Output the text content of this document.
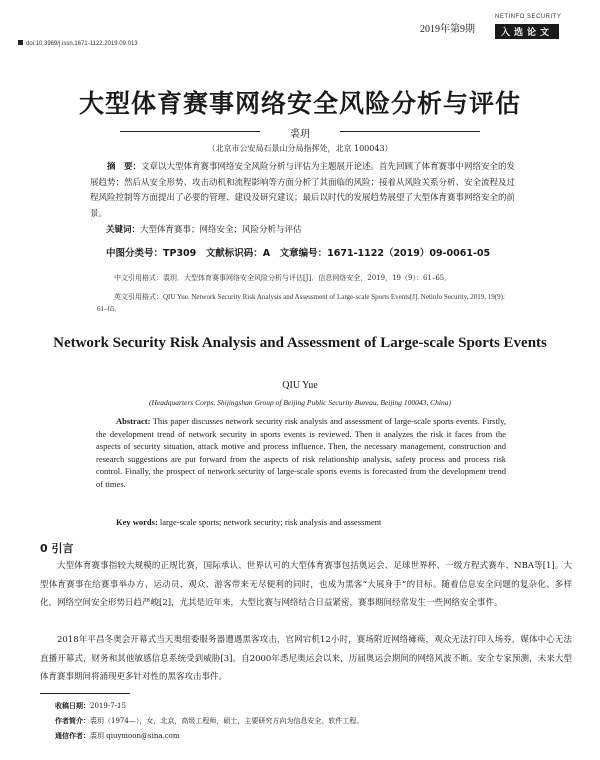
2019年第9期
NETINFO SECURITY
入选论文
doi:10.3969/j.issn.1671-1122.2019.09.013
大型体育赛事网络安全风险分析与评估
裘玥
（北京市公安局石景山分局指挥处，北京 100043）
摘　要：文章以大型体育赛事网络安全风险分析与评估为主题展开论述。首先回顾了体育赛事中网络安全的发展趋势；然后从安全形势、攻击动机和流程影响等方面分析了其面临的风险；接着从风险关系分析、安全流程及过程风险控制等方面提出了必要的管理、建设及研究建议；最后以时代的发展趋势展望了大型体育赛事网络安全的前景。
关键词：大型体育赛事；网络安全；风险分析与评估
中图分类号：TP309　文献标识码：A　文章编号：1671-1122（2019）09-0061-05
中文引用格式：裘玥．大型体育赛事网络安全风险分析与评估[J]．信息网络安全，2019，19（9）：61–65．
英文引用格式：QIU Yue. Network Security Risk Analysis and Assessment of Large-scale Sports Events[J]. Netinfo Security, 2019, 19(9): 61–65.
Network Security Risk Analysis and Assessment of Large-scale Sports Events
QIU Yue
(Headquarters Corps, Shijingshan Group of Beijing Public Security Bureau, Beijing 100043, China)
Abstract: This paper discusses network security risk analysis and assessment of large-scale sports events. Firstly, the development trend of network security in sports events is reviewed. Then it analyzes the risk it faces from the aspects of security situation, attack motive and process influence. Then, the necessary management, construction and research suggestions are put forward from the aspects of risk relationship analysis, safety process and process risk control. Finally, the prospect of network security of large-scale sports events is forecasted from the development trend of times.
Key words: large-scale sports; network security; risk analysis and assessment
0 引言
大型体育赛事指较大规模的正规比赛，国际承认、世界认可的大型体育赛事包括奥运会、足球世界杯、一级方程式赛车、NBA等[1]。大型体育赛事在给赛事举办方、运动员、观众、游客带来无尽便利的同时，也成为黑客“大展身手”的目标。随着信息安全问题的复杂化、多样化，网络空间安全形势日趋严峻[2]，尤其是近年来，大型比赛与网络结合日益紧密，赛事期间经常发生一些网络安全事件。
2018年平昌冬奥会开幕式当天奥组委服务器遭遇黑客攻击，官网宕机12小时，赛场附近网络瘫痪，观众无法打印入场券，媒体中心无法直播开幕式，财务和其他敏感信息系统受到威胁[3]。自2000年悉尼奥运会以来，历届奥运会期间的网络风波不断。安全专家预测，未来大型体育赛事期间将涌现更多针对性的黑客攻击事件。
收稿日期：2019-7-15
作者简介：裘玥（1974—），女，北京，高级工程师，硕士，主要研究方向为信息安全、软件工程。
通信作者：裘玥 qiuymoon@sina.com
